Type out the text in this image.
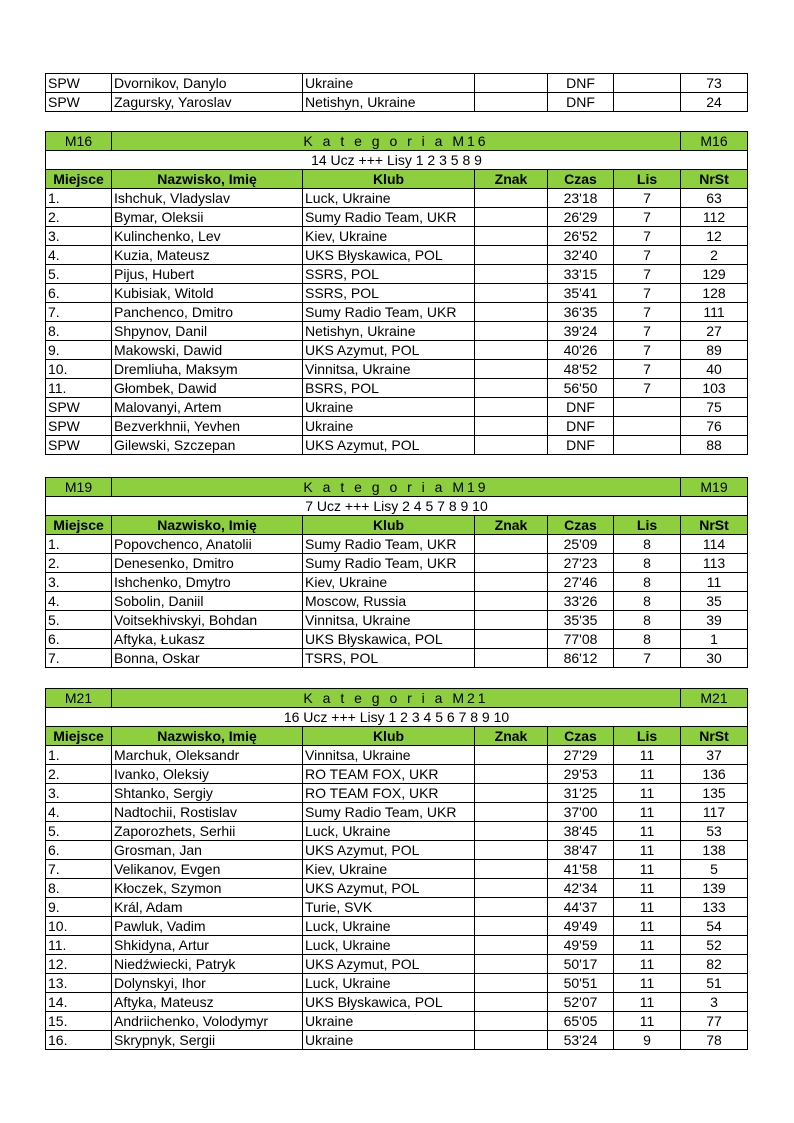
SPW	Dvornikov, Danylo	Ukraine		DNF		73
SPW	Zagursky, Yaroslav	Netishyn, Ukraine		DNF		24
M16	K a t e g o r i a M16					M16
14 Ucz +++ Lisy 1 2 3 5 8 9						
Miejsce	Nazwisko, Imię	Klub	Znak	Czas	Lis	NrSt
1.	Ishchuk, Vladyslav	Luck, Ukraine		23'18	7	63
2.	Bymar, Oleksii	Sumy Radio Team, UKR		26'29	7	112
3.	Kulinchenko, Lev	Kiev, Ukraine		26'52	7	12
4.	Kuzia, Mateusz	UKS Błyskawica, POL		32'40	7	2
5.	Pijus, Hubert	SSRS, POL		33'15	7	129
6.	Kubisiak, Witold	SSRS, POL		35'41	7	128
7.	Panchenco, Dmitro	Sumy Radio Team, UKR		36'35	7	111
8.	Shpynov, Danil	Netishyn, Ukraine		39'24	7	27
9.	Makowski, Dawid	UKS Azymut, POL		40'26	7	89
10.	Dremliuha, Maksym	Vinnitsa, Ukraine		48'52	7	40
11.	Głombek, Dawid	BSRS, POL		56'50	7	103
SPW	Malovanyi, Artem	Ukraine		DNF		75
SPW	Bezverkhnii, Yevhen	Ukraine		DNF		76
SPW	Gilewski, Szczepan	UKS Azymut, POL		DNF		88
M19	K a t e g o r i a M19					M19
7 Ucz +++ Lisy 2 4 5 7 8 9 10						
Miejsce	Nazwisko, Imię	Klub	Znak	Czas	Lis	NrSt
1.	Popovchenco, Anatolii	Sumy Radio Team, UKR		25'09	8	114
2.	Denesenko, Dmitro	Sumy Radio Team, UKR		27'23	8	113
3.	Ishchenko, Dmytro	Kiev, Ukraine		27'46	8	11
4.	Sobolin, Daniil	Moscow, Russia		33'26	8	35
5.	Voitsekhivskyi, Bohdan	Vinnitsa, Ukraine		35'35	8	39
6.	Aftyka, Łukasz	UKS Błyskawica, POL		77'08	8	1
7.	Bonna, Oskar	TSRS, POL		86'12	7	30
M21	K a t e g o r i a M21					M21
16 Ucz +++ Lisy 1 2 3 4 5 6 7 8 9 10						
Miejsce	Nazwisko, Imię	Klub	Znak	Czas	Lis	NrSt
1.	Marchuk, Oleksandr	Vinnitsa, Ukraine		27'29	11	37
2.	Ivanko, Oleksiy	RO TEAM FOX, UKR		29'53	11	136
3.	Shtanko, Sergiy	RO TEAM FOX, UKR		31'25	11	135
4.	Nadtochii, Rostislav	Sumy Radio Team, UKR		37'00	11	117
5.	Zaporozhets, Serhii	Luck, Ukraine		38'45	11	53
6.	Grosman, Jan	UKS Azymut, POL		38'47	11	138
7.	Velikanov, Evgen	Kiev, Ukraine		41'58	11	5
8.	Kłoczek, Szymon	UKS Azymut, POL		42'34	11	139
9.	Král, Adam	Turie, SVK		44'37	11	133
10.	Pawluk, Vadim	Luck, Ukraine		49'49	11	54
11.	Shkidyna, Artur	Luck, Ukraine		49'59	11	52
12.	Niedźwiecki, Patryk	UKS Azymut, POL		50'17	11	82
13.	Dolynskyi, Ihor	Luck, Ukraine		50'51	11	51
14.	Aftyka, Mateusz	UKS Błyskawica, POL		52'07	11	3
15.	Andriichenko, Volodymyr	Ukraine		65'05	11	77
16.	Skrypnyk, Sergii	Ukraine		53'24	9	78
